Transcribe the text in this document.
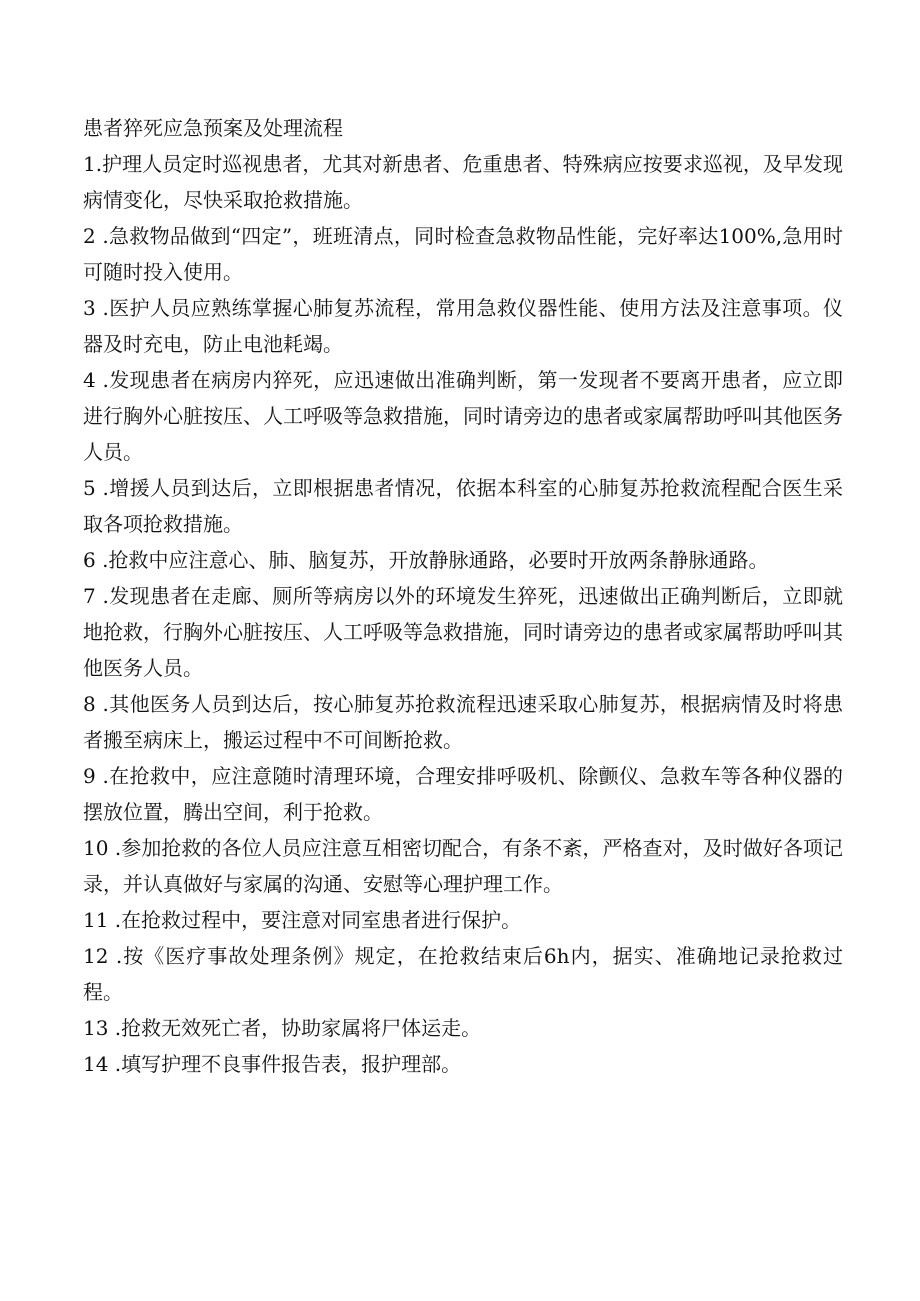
患者猝死应急预案及处理流程

1.护理人员定时巡视患者，尤其对新患者、危重患者、特殊病应按要求巡视，及早发现病情变化，尽快采取抢救措施。

2 .急救物品做到“四定”，班班清点，同时检查急救物品性能，完好率达100%,急用时可随时投入使用。

3 .医护人员应熟练掌握心肺复苏流程，常用急救仪器性能、使用方法及注意事项。仪器及时充电，防止电池耗竭。

4 .发现患者在病房内猝死，应迅速做出准确判断，第一发现者不要离开患者，应立即进行胸外心脏按压、人工呼吸等急救措施，同时请旁边的患者或家属帮助呼叫其他医务人员。

5 .增援人员到达后，立即根据患者情况，依据本科室的心肺复苏抢救流程配合医生采取各项抢救措施。

6 .抢救中应注意心、肺、脑复苏，开放静脉通路，必要时开放两条静脉通路。

7 .发现患者在走廊、厕所等病房以外的环境发生猝死，迅速做出正确判断后，立即就地抢救，行胸外心脏按压、人工呼吸等急救措施，同时请旁边的患者或家属帮助呼叫其他医务人员。

8 .其他医务人员到达后，按心肺复苏抢救流程迅速采取心肺复苏，根据病情及时将患者搬至病床上，搬运过程中不可间断抢救。

9 .在抢救中，应注意随时清理环境，合理安排呼吸机、除颤仪、急救车等各种仪器的摆放位置，腾出空间，利于抢救。

10 .参加抢救的各位人员应注意互相密切配合，有条不紊，严格查对，及时做好各项记录，并认真做好与家属的沟通、安慰等心理护理工作。

11 .在抢救过程中，要注意对同室患者进行保护。

12 .按《医疗事故处理条例》规定，在抢救结束后6h内，据实、准确地记录抢救过程。

13 .抢救无效死亡者，协助家属将尸体运走。

14 .填写护理不良事件报告表，报护理部。
